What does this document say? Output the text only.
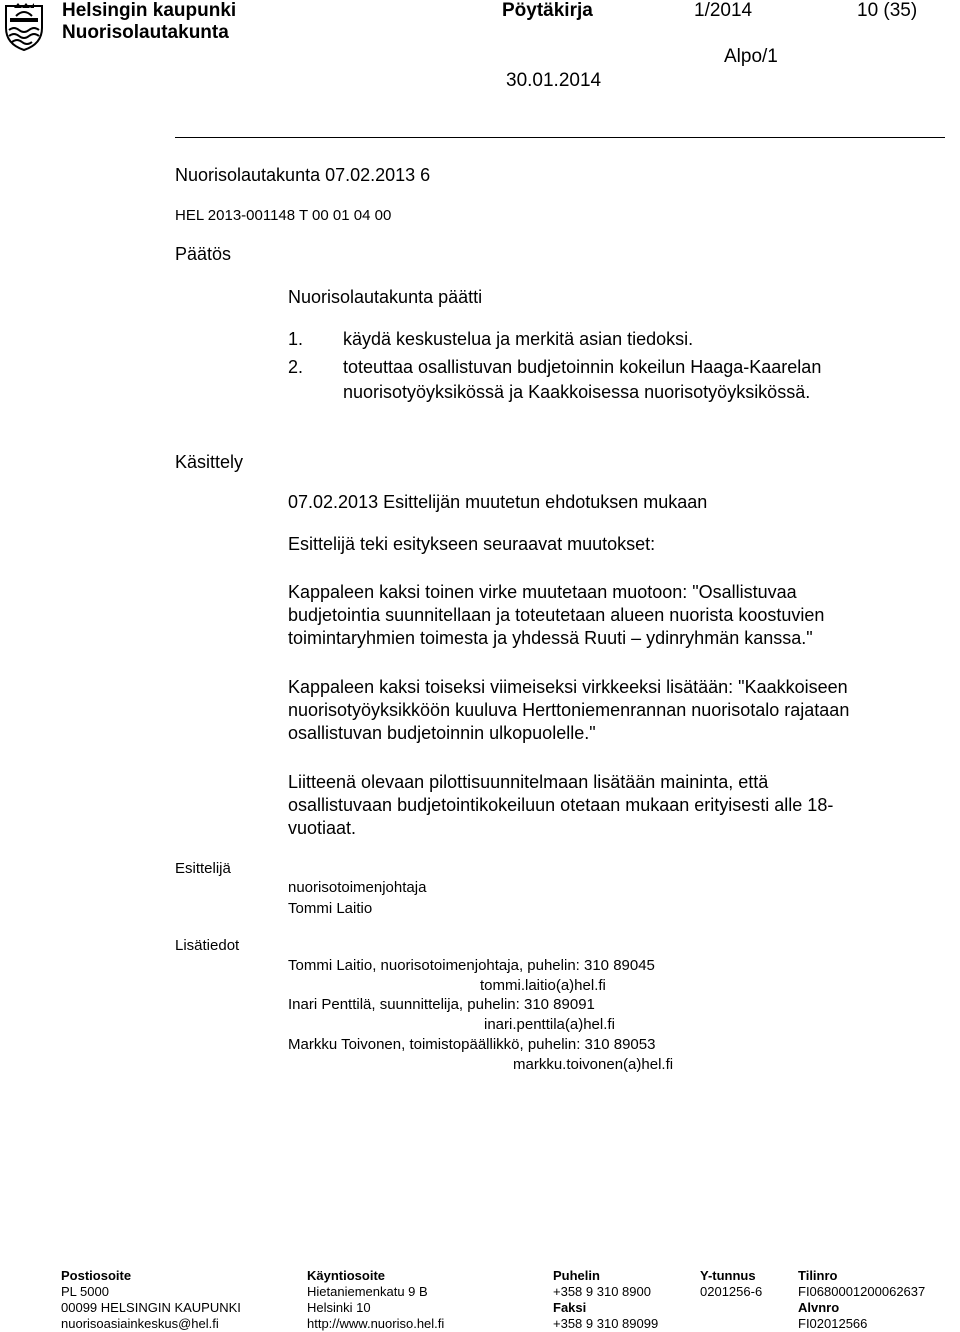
Helsingin kaupunki
Nuorisolautakunta
Pöytäkirja	1/2014	10 (35)
30.01.2014
Alpo/1
Nuorisolautakunta 07.02.2013 6
HEL 2013-001148 T 00 01 04 00
Päätös
Nuorisolautakunta päätti
1. käydä keskustelua ja merkitä asian tiedoksi.
2. toteuttaa osallistuvan budjetoinnin kokeilun Haaga-Kaarelan
nuorisotyöyksikössä ja Kaakkoisessa nuorisotyöyksikössä.
Käsittely
07.02.2013 Esittelijän muutetun ehdotuksen mukaan
Esittelijä teki esitykseen seuraavat muutokset:
Kappaleen kaksi toinen virke muutetaan muotoon: "Osallistuvaa
budjetointia suunnitellaan ja toteutetaan alueen nuorista koostuvien
toimintaryhmien toimesta ja yhdessä Ruuti – ydinryhmän kanssa."
Kappaleen kaksi toiseksi viimeiseksi virkkeeksi lisätään: "Kaakkoiseen
nuorisotyöyksikköön kuuluva Herttoniemenrannan nuorisotalo rajataan
osallistuvan budjetoinnin ulkopuolelle."
Liitteenä olevaan pilottisuunnitelmaan lisätään maininta, että
osallistuvaan budjetointikokeiluun otetaan mukaan erityisesti alle 18-
vuotiaat.
Esittelijä
nuorisotoimenjohtaja
Tommi Laitio
Lisätiedot
Tommi Laitio, nuorisotoimenjohtaja, puhelin: 310 89045
tommi.laitio(a)hel.fi
Inari Penttilä, suunnittelija, puhelin: 310 89091
inari.penttila(a)hel.fi
Markku Toivonen, toimistopäällikkö, puhelin: 310 89053
markku.toivonen(a)hel.fi
Postiosoite
PL 5000
00099 HELSINGIN KAUPUNKI
nuorisoasiainkeskus@hel.fi
Käyntiosoite
Hietaniemenkatu 9 B
Helsinki 10
http://www.nuoriso.hel.fi
Puhelin
+358 9 310 8900
Faksi
+358 9 310 89099
Y-tunnus
0201256-6
Tilinro
FI0680001200062637
Alvnro
FI02012566
